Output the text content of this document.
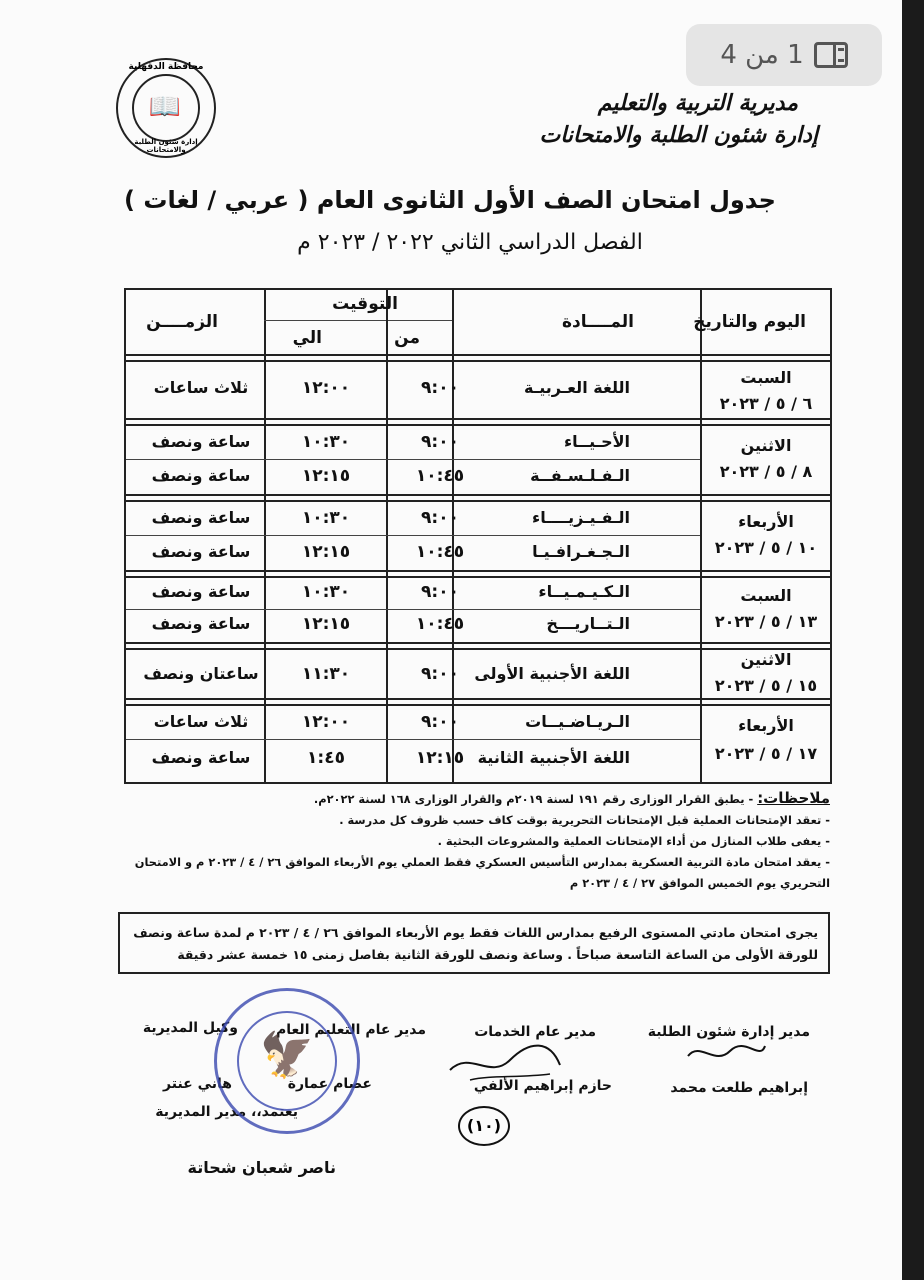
محافظة الدقهلية
📖
إدارة شئون الطلبة والامتحانات
مديرية التربية والتعليم
إدارة شئون الطلبة والامتحانات
جدول امتحان الصف الأول الثانوى العام ( عربي / لغات )
الفصل الدراسي الثاني ٢٠٢٢ / ٢٠٢٣ م
اليوم والتاريخ
المــــادة
التوقيت
من
الي
الزمــــن
السبت
٦ / ٥ / ٢٠٢٣
اللغة العـربيـة
٩:٠٠
١٢:٠٠
ثلاث ساعات
الاثنين
٨ / ٥ / ٢٠٢٣
الأحـيــاء
٩:٠٠
١٠:٣٠
ساعة ونصف
الـفـلـسـفــة
١٠:٤٥
١٢:١٥
ساعة ونصف
الأربعاء
١٠ / ٥ / ٢٠٢٣
الـفـيـزيــــاء
٩:٠٠
١٠:٣٠
ساعة ونصف
الـجـغـرافـيـا
١٠:٤٥
١٢:١٥
ساعة ونصف
السبت
١٣ / ٥ / ٢٠٢٣
الـكـيـمـيــاء
٩:٠٠
١٠:٣٠
ساعة ونصف
الـتــاريـــخ
١٠:٤٥
١٢:١٥
ساعة ونصف
الاثنين
١٥ / ٥ / ٢٠٢٣
اللغة الأجنبية الأولى
٩:٠٠
١١:٣٠
ساعتان ونصف
الأربعاء
١٧ / ٥ / ٢٠٢٣
الـريـاضـيــات
٩:٠٠
١٢:٠٠
ثلاث ساعات
اللغة الأجنبية الثانية
١٢:١٥
١:٤٥
ساعة ونصف
ملاحظات: - يطبق القرار الوزارى رقم ١٩١ لسنة ٢٠١٩م والقرار الوزارى ١٦٨ لسنة ٢٠٢٢م.
- تعقد الإمتحانات العملية قبل الإمتحانات التحريرية بوقت كاف حسب ظروف كل مدرسة .
- يعفى طلاب المنازل من أداء الإمتحانات العملية والمشروعات البحثية .
- يعقد امتحان مادة التربية العسكرية بمدارس التأسيس العسكري فقط العملي يوم الأربعاء الموافق ٢٦ / ٤ / ٢٠٢٣ م و الامتحان
التحريري يوم الخميس الموافق ٢٧ / ٤ / ٢٠٢٣ م
يجرى امتحان مادتي المستوى الرفيع بمدارس اللغات فقط يوم الأربعاء الموافق ٢٦ / ٤ / ٢٠٢٣ م لمدة ساعة ونصف
للورقة الأولى من الساعة التاسعة صباحاً . وساعة ونصف للورقة الثانية بفاصل زمنى ١٥ خمسة عشر دقيقة
مدير إدارة شئون الطلبة
إبراهيم طلعت محمد
مدير عام الخدمات
حازم إبراهيم الألفي
مدير عام التعليم العام
عصام عمارة
وكيل المديرية
هاني عنتر
يعتمد،، مدير المديرية
ناصر شعبان شحاتة
🦅
(١٠)
1 من 4
